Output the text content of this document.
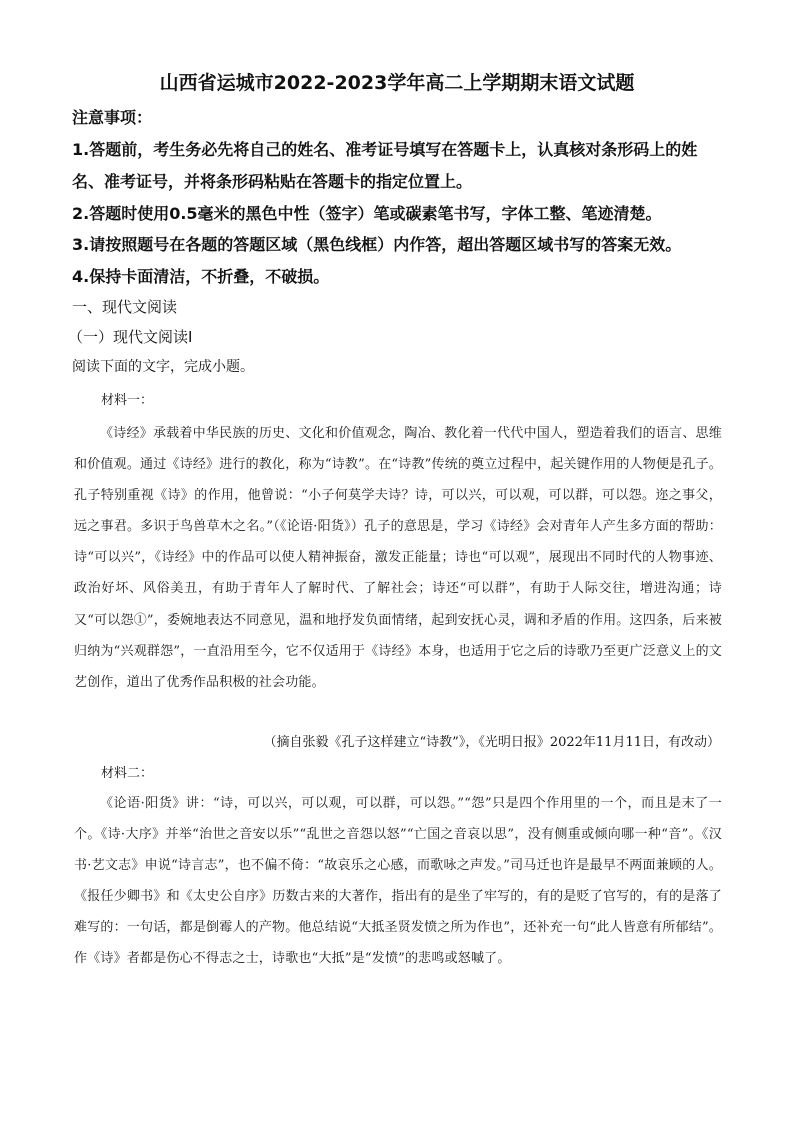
山西省运城市2022-2023学年高二上学期期末语文试题
注意事项：
1.答题前，考生务必先将自己的姓名、准考证号填写在答题卡上，认真核对条形码上的姓名、准考证号，并将条形码粘贴在答题卡的指定位置上。
2.答题时使用0.5毫米的黑色中性（签字）笔或碳素笔书写，字体工整、笔迹清楚。
3.请按照题号在各题的答题区域（黑色线框）内作答，超出答题区域书写的答案无效。
4.保持卡面清洁，不折叠，不破损。
一、现代文阅读
（一）现代文阅读Ⅰ
阅读下面的文字，完成小题。
材料一：
《诗经》承载着中华民族的历史、文化和价值观念，陶冶、教化着一代代中国人，塑造着我们的语言、思维和价值观。通过《诗经》进行的教化，称为“诗教”。在“诗教”传统的奠立过程中，起关键作用的人物便是孔子。孔子特别重视《诗》的作用，他曾说：“小子何莫学夫诗？诗，可以兴，可以观，可以群，可以怨。迩之事父，远之事君。多识于鸟兽草木之名。”（《论语·阳货》）孔子的意思是，学习《诗经》会对青年人产生多方面的帮助：诗“可以兴”，《诗经》中的作品可以使人精神振奋，激发正能量；诗也“可以观”，展现出不同时代的人物事迹、政治好坏、风俗美丑，有助于青年人了解时代、了解社会；诗还“可以群”，有助于人际交往，增进沟通；诗又“可以怨①”，委婉地表达不同意见，温和地抒发负面情绪，起到安抚心灵，调和矛盾的作用。这四条，后来被归纳为“兴观群怨”，一直沿用至今，它不仅适用于《诗经》本身，也适用于它之后的诗歌乃至更广泛意义上的文艺创作，道出了优秀作品积极的社会功能。
（摘自张毅《孔子这样建立“诗教”》，《光明日报》2022年11月11日，有改动）
材料二：
《论语·阳货》讲：“诗，可以兴，可以观，可以群，可以怨。”“怨”只是四个作用里的一个，而且是末了一个。《诗·大序》并举“治世之音安以乐”“乱世之音怨以怒”“亡国之音哀以思”，没有侧重或倾向哪一种“音”。《汉书·艺文志》申说“诗言志”，也不偏不倚：“故哀乐之心感，而歌咏之声发。”司马迁也许是最早不两面兼顾的人。《报任少卿书》和《太史公自序》历数古来的大著作，指出有的是坐了牢写的，有的是贬了官写的，有的是落了难写的：一句话，都是倒霉人的产物。他总结说“大抵圣贤发愤之所为作也”，还补充一句“此人皆意有所郁结”。作《诗》者都是伤心不得志之士，诗歌也“大抵”是“发愤”的悲鸣或怒嘁了。
